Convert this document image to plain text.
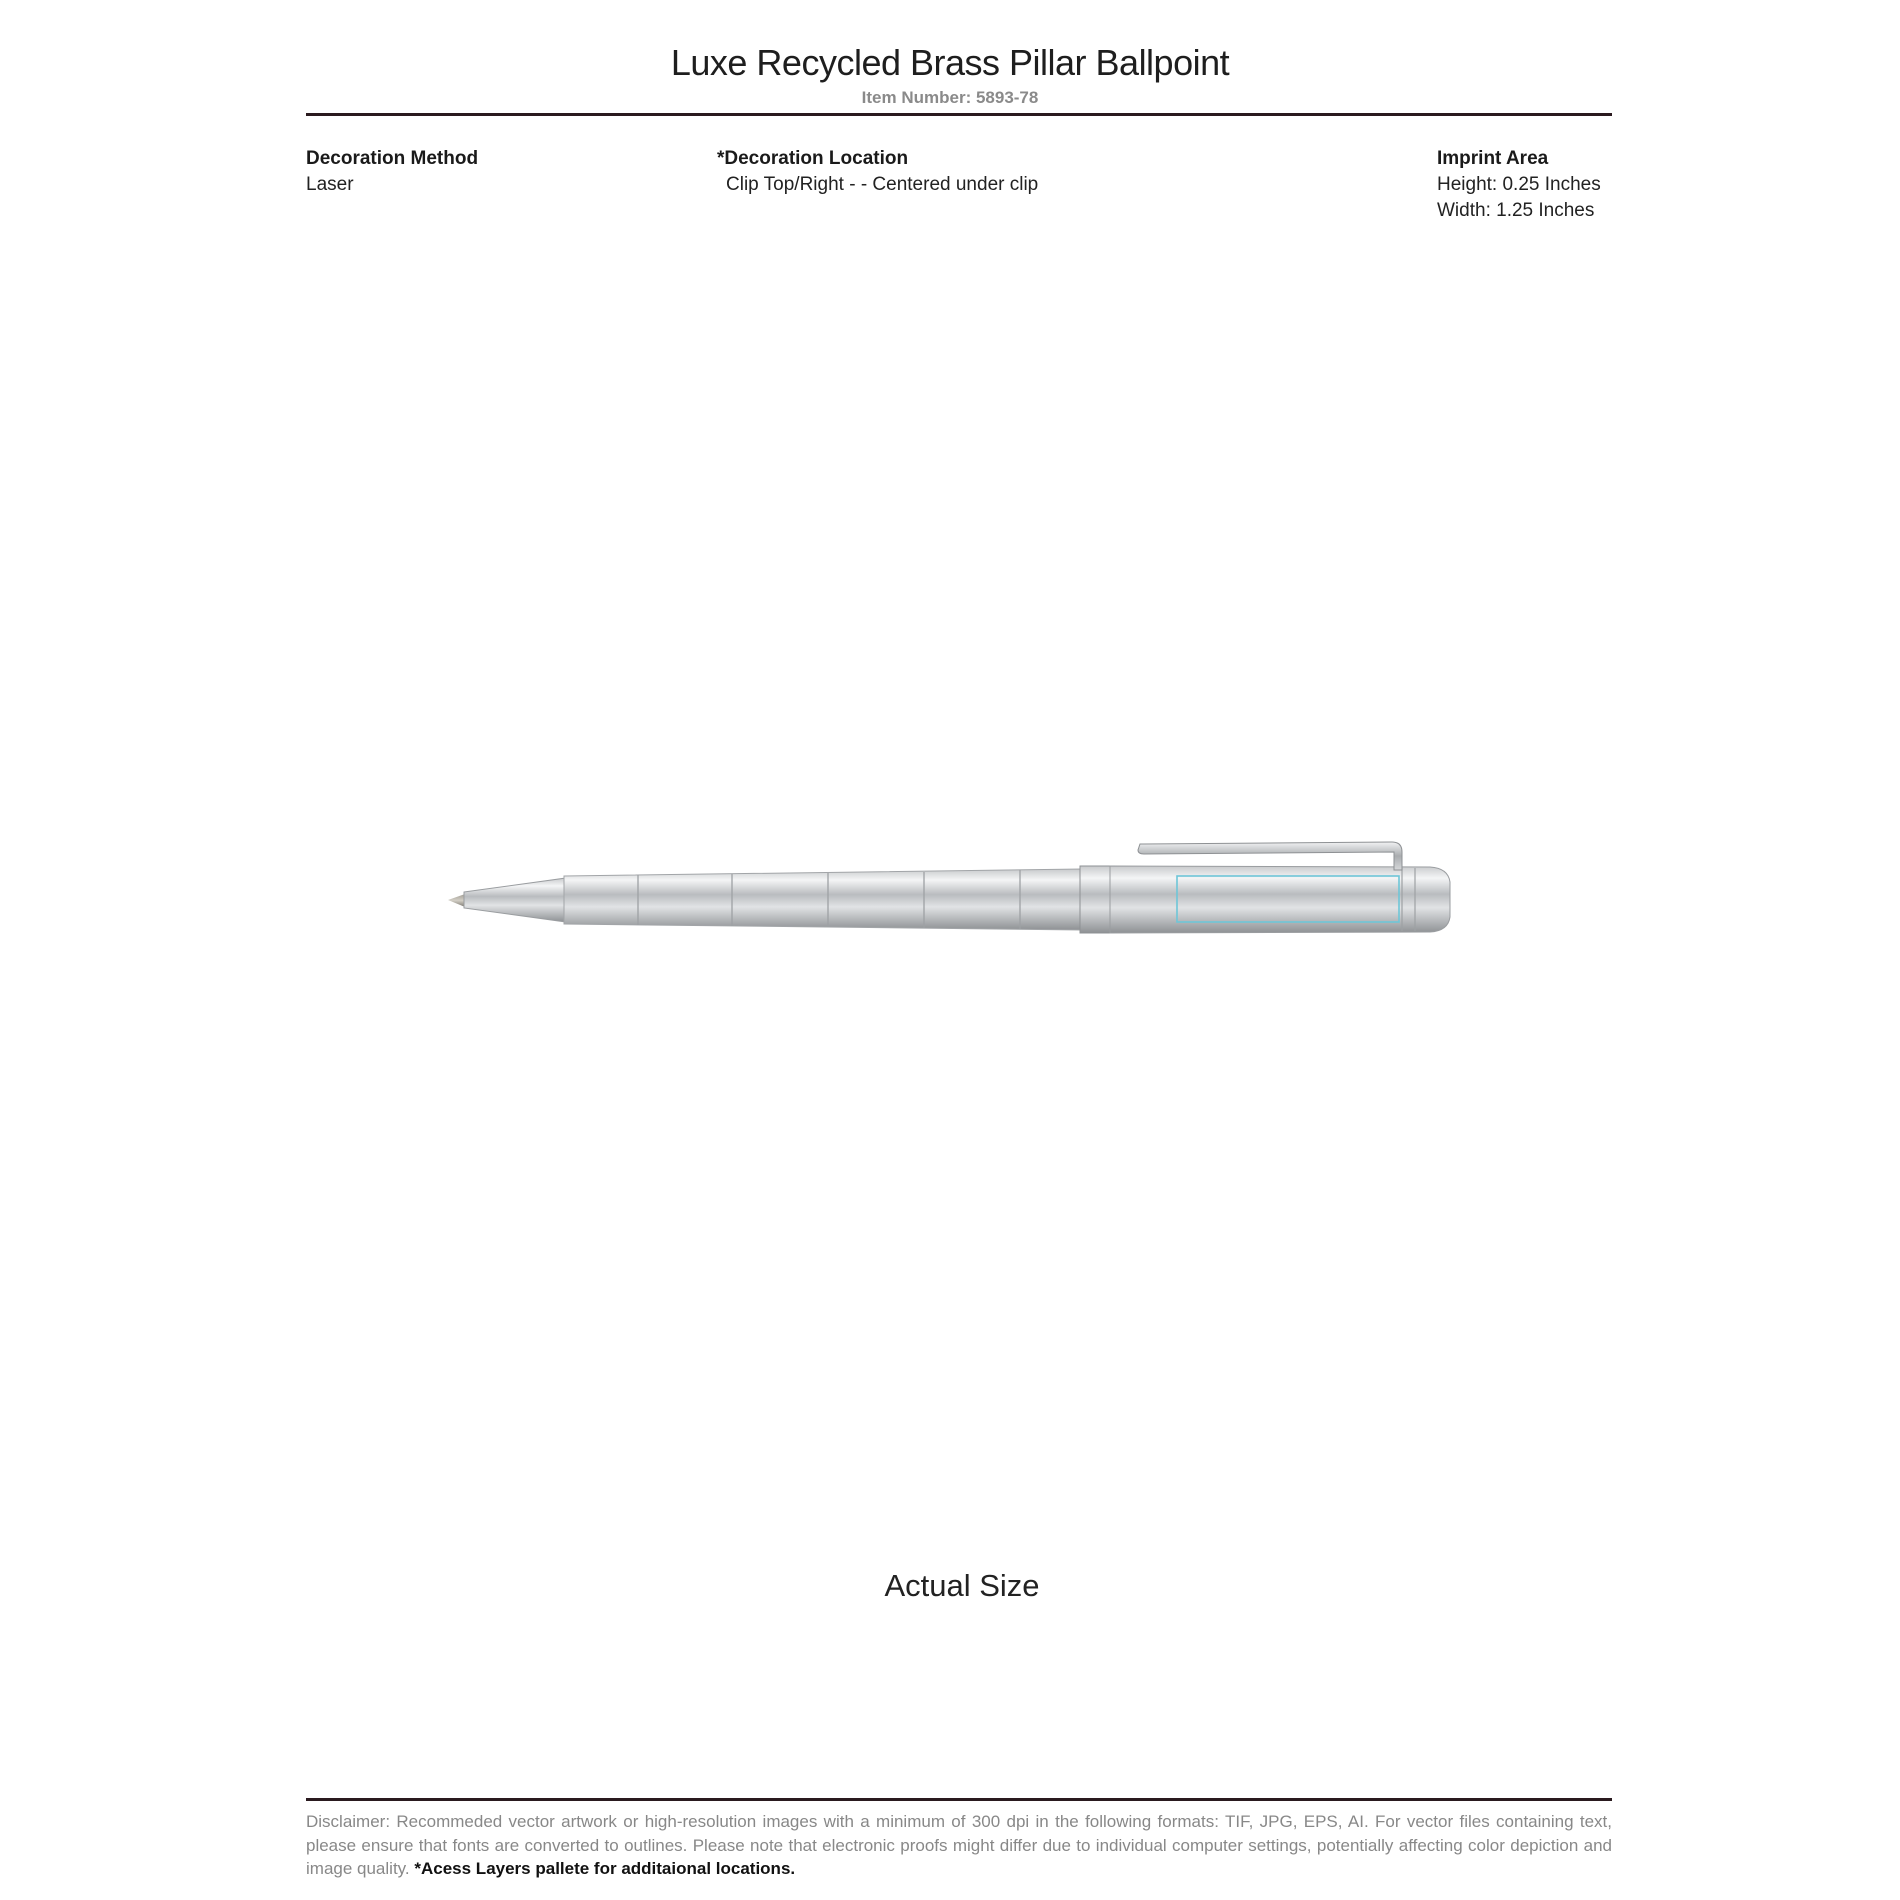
Luxe Recycled Brass Pillar Ballpoint
Item Number: 5893-78
Decoration Method
Laser
*Decoration Location
Clip Top/Right - - Centered under clip
Imprint Area
Height: 0.25 Inches
Width: 1.25 Inches
Actual Size
Disclaimer: Recommeded vector artwork or high-resolution images with a minimum of 300 dpi in the following formats: TIF, JPG, EPS, AI. For vector files containing text, please ensure that fonts are converted to outlines. Please note that electronic proofs might differ due to individual computer settings, potentially affecting color depiction and image quality. *Acess Layers pallete for additaional locations.
